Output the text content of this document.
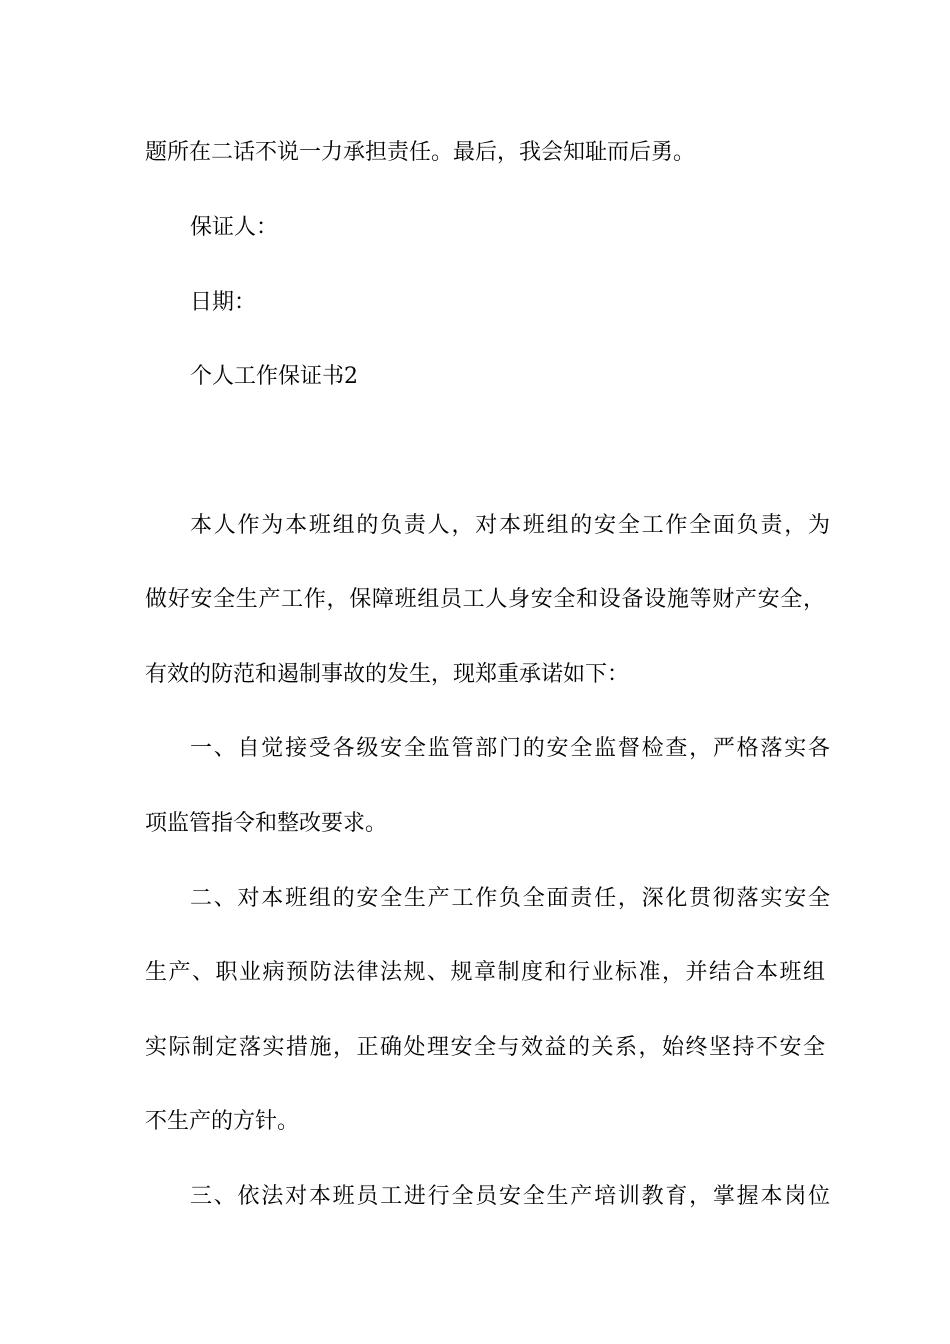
题所在二话不说一力承担责任。最后，我会知耻而后勇。
保证人：
日期：
个人工作保证书2
本人作为本班组的负责人，对本班组的安全工作全面负责，为
做好安全生产工作，保障班组员工人身安全和设备设施等财产安全，
有效的防范和遏制事故的发生，现郑重承诺如下：
一、自觉接受各级安全监管部门的安全监督检查，严格落实各
项监管指令和整改要求。
二、对本班组的安全生产工作负全面责任，深化贯彻落实安全
生产、职业病预防法律法规、规章制度和行业标准，并结合本班组
实际制定落实措施，正确处理安全与效益的关系，始终坚持不安全
不生产的方针。
三、依法对本班员工进行全员安全生产培训教育，掌握本岗位
